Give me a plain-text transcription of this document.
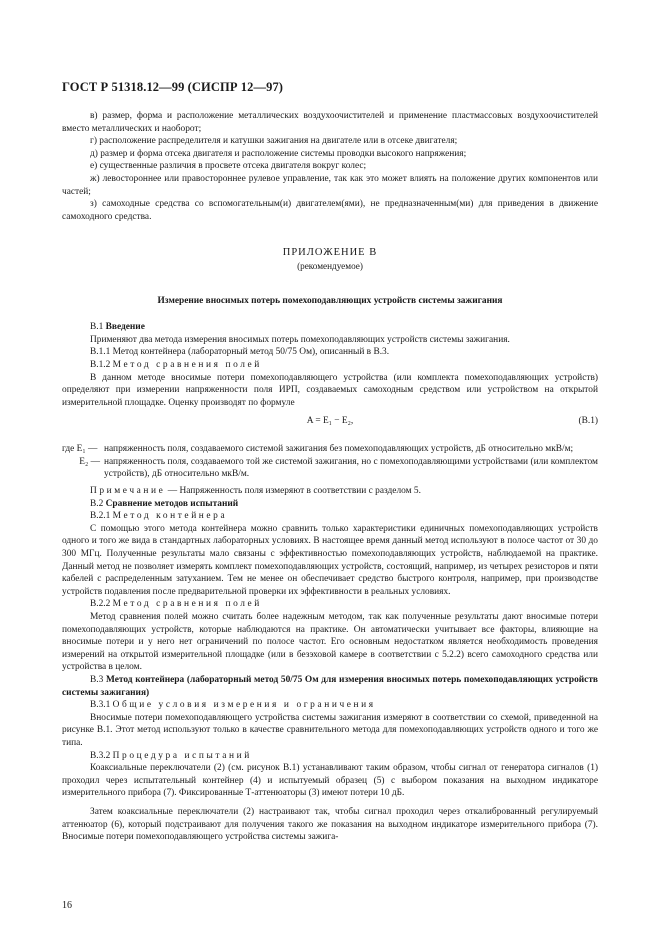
ГОСТ Р 51318.12—99 (СИСПР 12—97)

в) размер, форма и расположение металлических воздухоочистителей и применение пластмассовых воздухоочистителей вместо металлических и наоборот;

г) расположение распределителя и катушки зажигания на двигателе или в отсеке двигателя;

д) размер и форма отсека двигателя и расположение системы проводки высокого напряжения;

е) существенные различия в просвете отсека двигателя вокруг колес;

ж) левостороннее или правостороннее рулевое управление, так как это может влиять на положение других компонентов или частей;

з) самоходные средства со вспомогательным(и) двигателем(ями), не предназначенным(ми) для приведения в движение самоходного средства.

ПРИЛОЖЕНИЕ В

(рекомендуемое)

Измерение вносимых потерь помехоподавляющих устройств системы зажигания

В.1 Введение

Применяют два метода измерения вносимых потерь помехоподавляющих устройств системы зажигания.

В.1.1 Метод контейнера (лабораторный метод 50/75 Ом), описанный в В.3.

В.1.2 Метод сравнения полей

В данном методе вносимые потери помехоподавляющего устройства (или комплекта помехоподавляющих устройств) определяют при измерении напряженности поля ИРП, создаваемых самоходным средством или устройством на открытой измерительной площадке. Оценку производят по формуле

A = E₁ − E₂,	(В.1)
где E₁ — напряженность поля, создаваемого системой зажигания без помехоподавляющих устройств, дБ относительно мкВ/м;
E₂ — напряженность поля, создаваемого той же системой зажигания, но с помехоподавляющими устройствами (или комплектом устройств), дБ относительно мкВ/м.

Примечание — Напряженность поля измеряют в соответствии с разделом 5.

В.2 Сравнение методов испытаний

В.2.1 Метод контейнера

С помощью этого метода контейнера можно сравнить только характеристики единичных помехоподавляющих устройств одного и того же вида в стандартных лабораторных условиях. В настоящее время данный метод используют в полосе частот от 30 до 300 МГц. Полученные результаты мало связаны с эффективностью помехоподавляющих устройств, наблюдаемой на практике. Данный метод не позволяет измерять комплект помехоподавляющих устройств, состоящий, например, из четырех резисторов и пяти кабелей с распределенным затуханием. Тем не менее он обеспечивает средство быстрого контроля, например, при производстве устройств подавления после предварительной проверки их эффективности в реальных условиях.

В.2.2 Метод сравнения полей

Метод сравнения полей можно считать более надежным методом, так как полученные результаты дают вносимые потери помехоподавляющих устройств, которые наблюдаются на практике. Он автоматически учитывает все факторы, влияющие на вносимые потери и у него нет ограничений по полосе частот. Его основным недостатком является необходимость проведения измерений на открытой измерительной площадке (или в безэховой камере в соответствии с 5.2.2) всего самоходного средства или устройства в целом.

В.3 Метод контейнера (лабораторный метод 50/75 Ом для измерения вносимых потерь помехоподавляющих устройств системы зажигания)

В.3.1 Общие условия измерения и ограничения

Вносимые потери помехоподавляющего устройства системы зажигания измеряют в соответствии со схемой, приведенной на рисунке В.1. Этот метод используют только в качестве сравнительного метода для помехоподавляющих устройств одного и того же типа.

В.3.2 Процедура испытаний

Коаксиальные переключатели (2) (см. рисунок В.1) устанавливают таким образом, чтобы сигнал от генератора сигналов (1) проходил через испытательный контейнер (4) и испытуемый образец (5) с выбором показания на выходном индикаторе измерительного прибора (7). Фиксированные Т-аттенюаторы (3) имеют потери 10 дБ.

Затем коаксиальные переключатели (2) настраивают так, чтобы сигнал проходил через откалиброванный регулируемый аттенюатор (6), который подстраивают для получения такого же показания на выходном индикаторе измерительного прибора (7). Вносимые потери помехоподавляющего устройства системы зажига-

16
